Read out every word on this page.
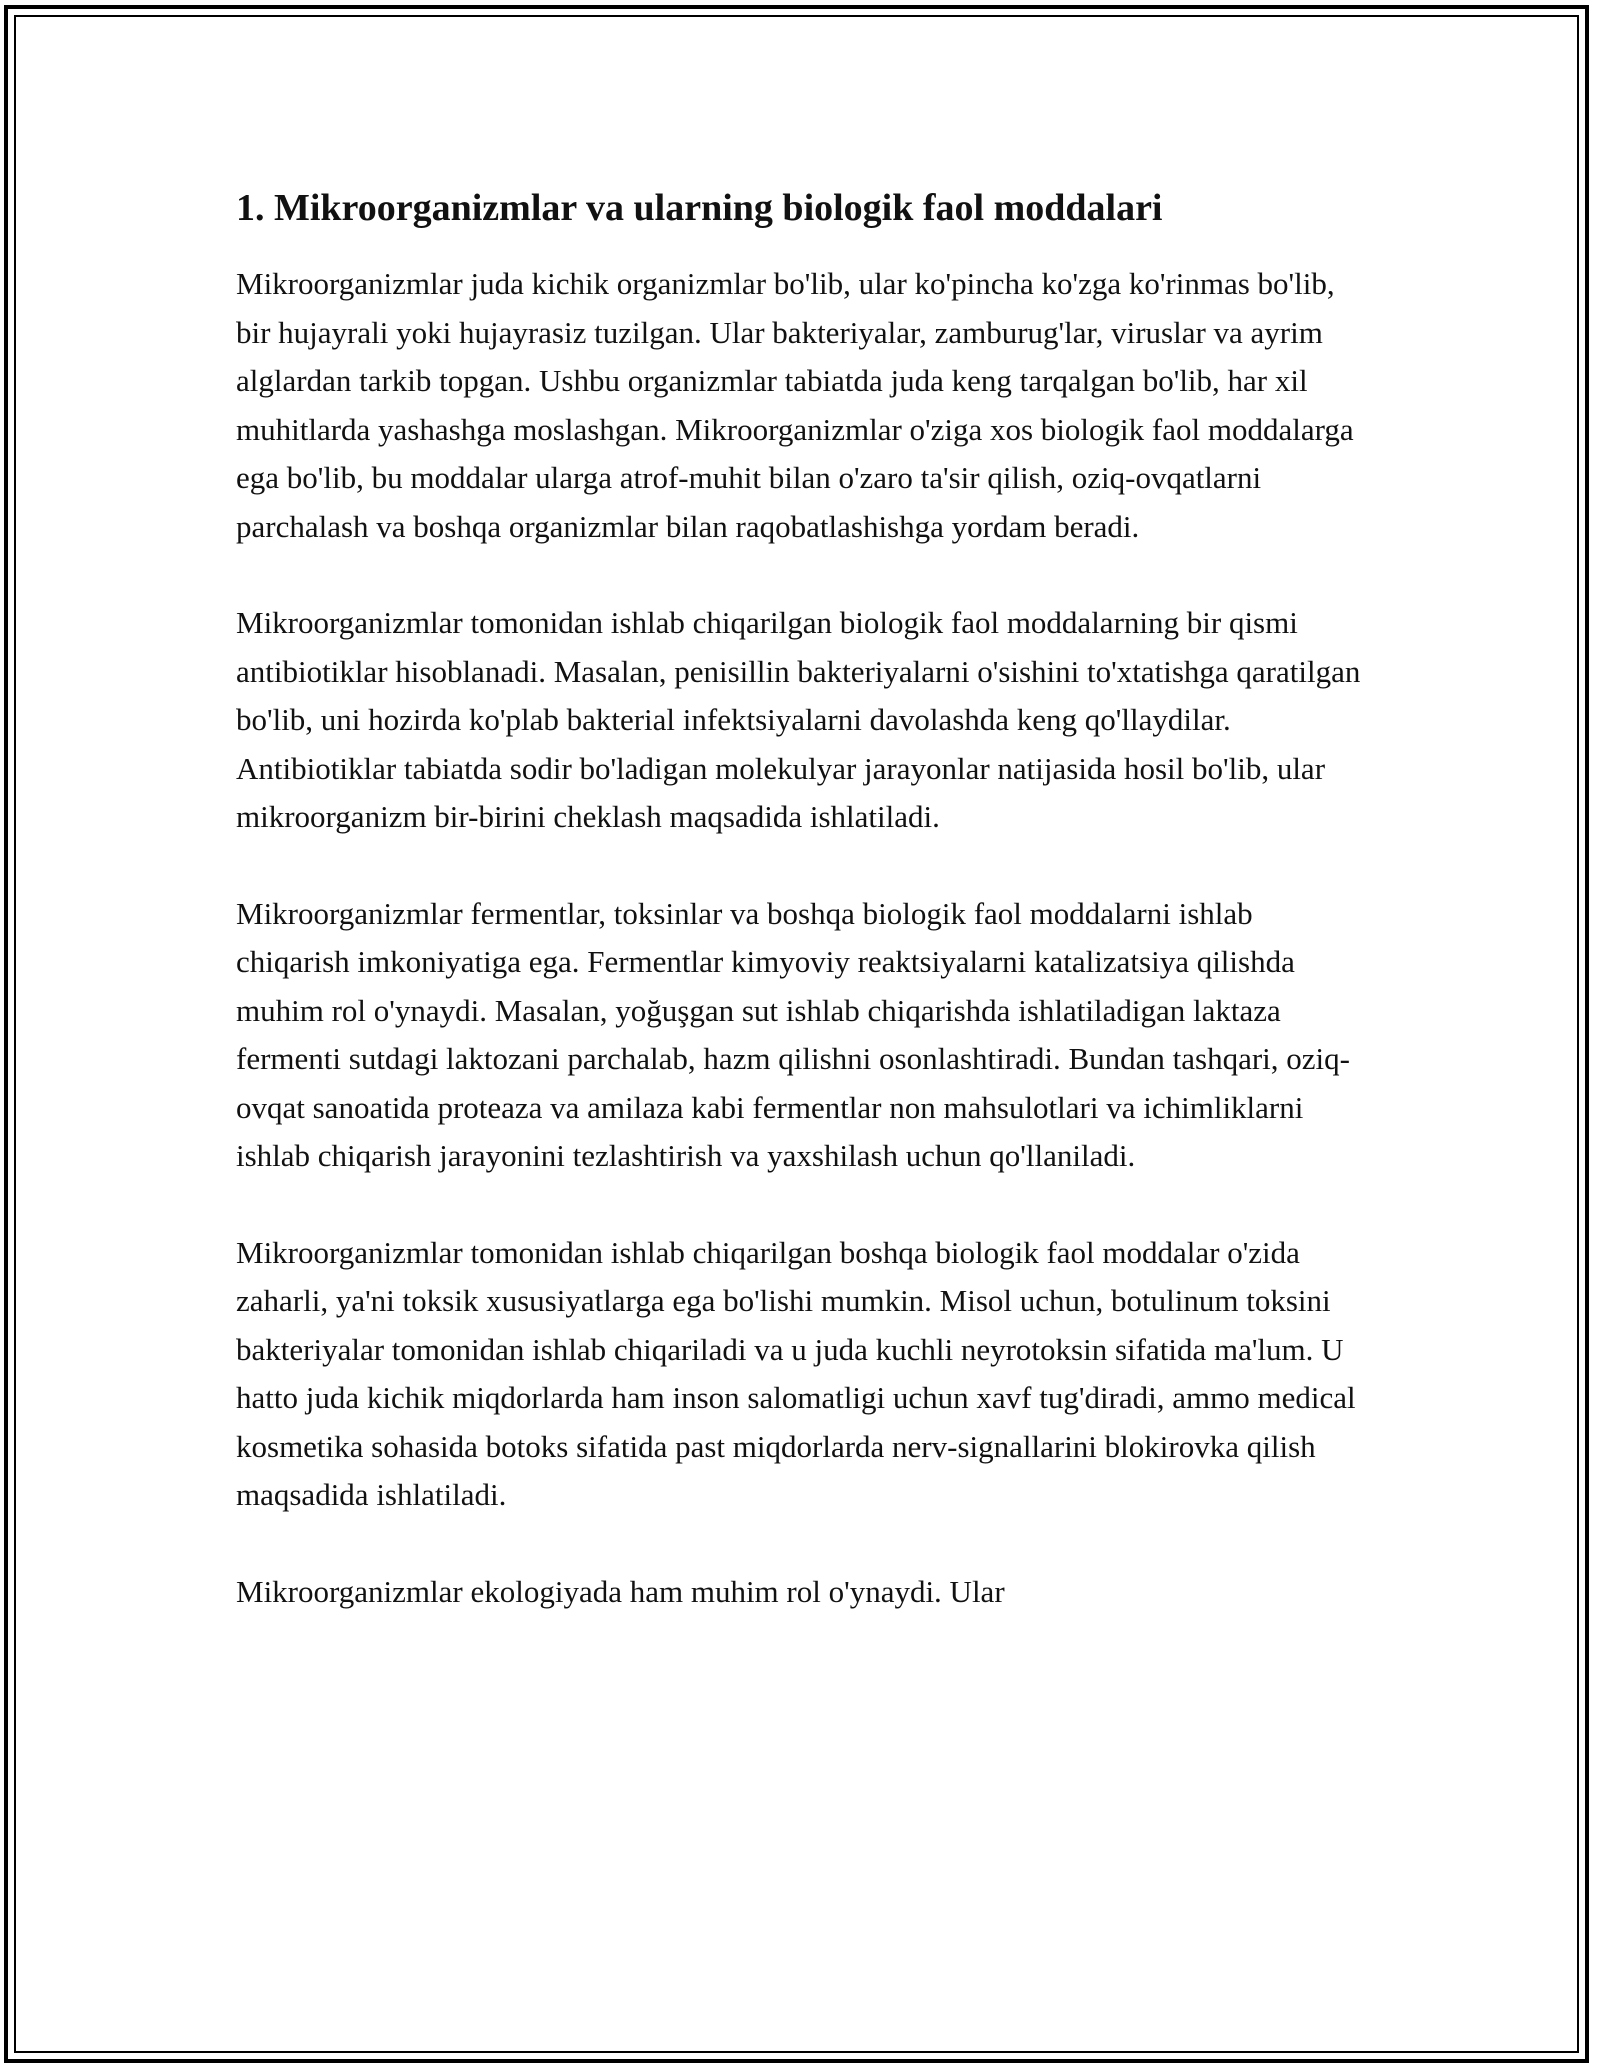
1. Mikroorganizmlar va ularning biologik faol moddalari

Mikroorganizmlar juda kichik organizmlar bo'lib, ular ko'pincha ko'zga ko'rinmas bo'lib, bir hujayrali yoki hujayrasiz tuzilgan. Ular bakteriyalar, zamburug'lar, viruslar va ayrim alglardan tarkib topgan. Ushbu organizmlar tabiatda juda keng tarqalgan bo'lib, har xil muhitlarda yashashga moslashgan. Mikroorganizmlar o'ziga xos biologik faol moddalarga ega bo'lib, bu moddalar ularga atrof-muhit bilan o'zaro ta'sir qilish, oziq-ovqatlarni parchalash va boshqa organizmlar bilan raqobatlashishga yordam beradi.

Mikroorganizmlar tomonidan ishlab chiqarilgan biologik faol moddalarning bir qismi antibiotiklar hisoblanadi. Masalan, penisillin bakteriyalarni o'sishini to'xtatishga qaratilgan bo'lib, uni hozirda ko'plab bakterial infektsiyalarni davolashda keng qo'llaydilar. Antibiotiklar tabiatda sodir bo'ladigan molekulyar jarayonlar natijasida hosil bo'lib, ular mikroorganizm bir-birini cheklash maqsadida ishlatiladi.

Mikroorganizmlar fermentlar, toksinlar va boshqa biologik faol moddalarni ishlab chiqarish imkoniyatiga ega. Fermentlar kimyoviy reaktsiyalarni katalizatsiya qilishda muhim rol o'ynaydi. Masalan, yoğuşgan sut ishlab chiqarishda ishlatiladigan laktaza fermenti sutdagi laktozani parchalab, hazm qilishni osonlashtiradi. Bundan tashqari, oziq-ovqat sanoatida proteaza va amilaza kabi fermentlar non mahsulotlari va ichimliklarni ishlab chiqarish jarayonini tezlashtirish va yaxshilash uchun qo'llaniladi.

Mikroorganizmlar tomonidan ishlab chiqarilgan boshqa biologik faol moddalar o'zida zaharli, ya'ni toksik xususiyatlarga ega bo'lishi mumkin. Misol uchun, botulinum toksini bakteriyalar tomonidan ishlab chiqariladi va u juda kuchli neyrotoksin sifatida ma'lum. U hatto juda kichik miqdorlarda ham inson salomatligi uchun xavf tug'diradi, ammo medical kosmetika sohasida botoks sifatida past miqdorlarda nerv-signallarini blokirovka qilish maqsadida ishlatiladi.

Mikroorganizmlar ekologiyada ham muhim rol o'ynaydi. Ular
